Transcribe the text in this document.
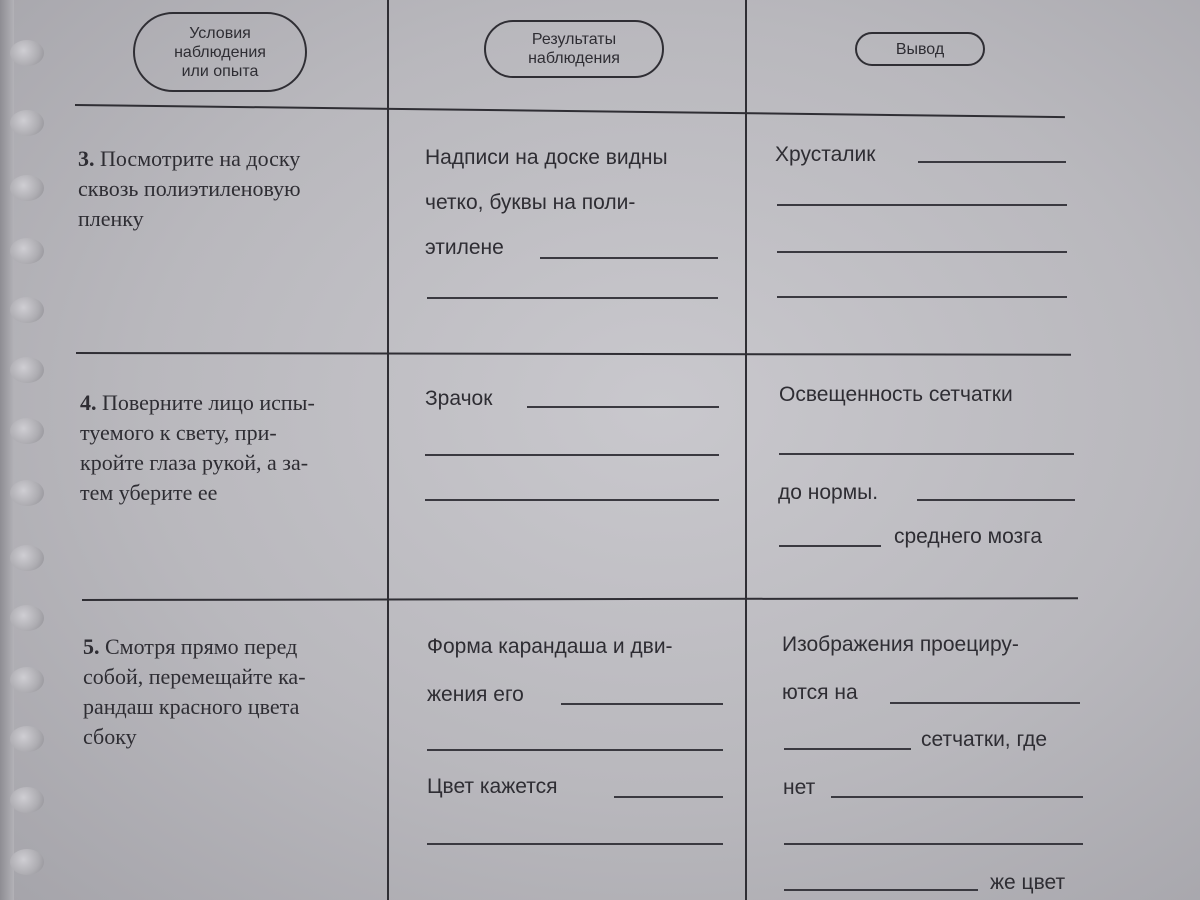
Условия
наблюдения
или опыта
Результаты
наблюдения
Вывод
3. Посмотрите на доску
сквозь полиэтиленовую
пленку
Надписи на доске видны
четко, буквы на поли-
этилене
Хрусталик
4. Поверните лицо испы-
туемого к свету, при-
кройте глаза рукой, а за-
тем уберите ее
Зрачок	Освещенность сетчатки
до нормы.
среднего мозга
5. Смотря прямо перед
собой, перемещайте ка-
рандаш красного цвета
сбоку
Форма карандаша и дви-
жения его
Цвет кажется
Изображения проециру-
ются на
сетчатки, где
нет
же цвет
